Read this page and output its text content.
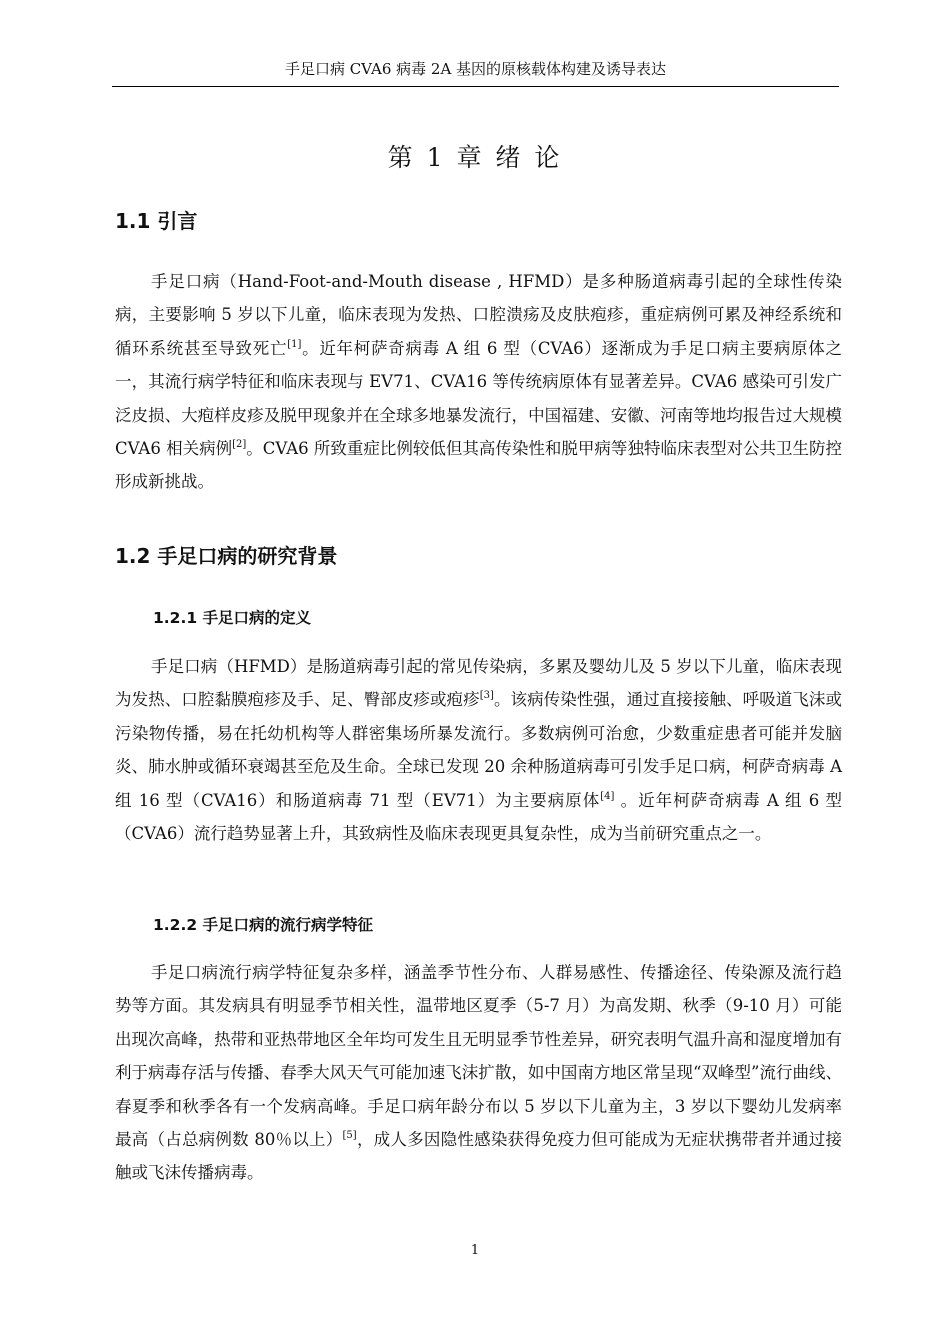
手足口病 CVA6 病毒 2A 基因的原核载体构建及诱导表达
第 1 章 绪 论
1.1 引言

手足口病（Hand-Foot-and-Mouth disease , HFMD）是多种肠道病毒引起的全球性传染病，主要影响 5 岁以下儿童，临床表现为发热、口腔溃疡及皮肤疱疹，重症病例可累及神经系统和循环系统甚至导致死亡[1]。近年柯萨奇病毒 A 组 6 型（CVA6）逐渐成为手足口病主要病原体之一，其流行病学特征和临床表现与 EV71、CVA16 等传统病原体有显著差异。CVA6 感染可引发广泛皮损、大疱样皮疹及脱甲现象并在全球多地暴发流行，中国福建、安徽、河南等地均报告过大规模 CVA6 相关病例[2]。CVA6 所致重症比例较低但其高传染性和脱甲病等独特临床表型对公共卫生防控形成新挑战。

1.2 手足口病的研究背景
1.2.1 手足口病的定义

手足口病（HFMD）是肠道病毒引起的常见传染病，多累及婴幼儿及 5 岁以下儿童，临床表现为发热、口腔黏膜疱疹及手、足、臀部皮疹或疱疹[3]。该病传染性强，通过直接接触、呼吸道飞沫或污染物传播，易在托幼机构等人群密集场所暴发流行。多数病例可治愈，少数重症患者可能并发脑炎、肺水肿或循环衰竭甚至危及生命。全球已发现 20 余种肠道病毒可引发手足口病，柯萨奇病毒 A 组 16 型（CVA16）和肠道病毒 71 型（EV71）为主要病原体[4] 。近年柯萨奇病毒 A 组 6 型（CVA6）流行趋势显著上升，其致病性及临床表现更具复杂性，成为当前研究重点之一。

1.2.2 手足口病的流行病学特征

手足口病流行病学特征复杂多样，涵盖季节性分布、人群易感性、传播途径、传染源及流行趋势等方面。其发病具有明显季节相关性，温带地区夏季（5-7 月）为高发期、秋季（9-10 月）可能出现次高峰，热带和亚热带地区全年均可发生且无明显季节性差异，研究表明气温升高和湿度增加有利于病毒存活与传播、春季大风天气可能加速飞沫扩散，如中国南方地区常呈现“双峰型”流行曲线、春夏季和秋季各有一个发病高峰。手足口病年龄分布以 5 岁以下儿童为主，3 岁以下婴幼儿发病率最高（占总病例数 80％以上）[5]，成人多因隐性感染获得免疫力但可能成为无症状携带者并通过接触或飞沫传播病毒。

1
